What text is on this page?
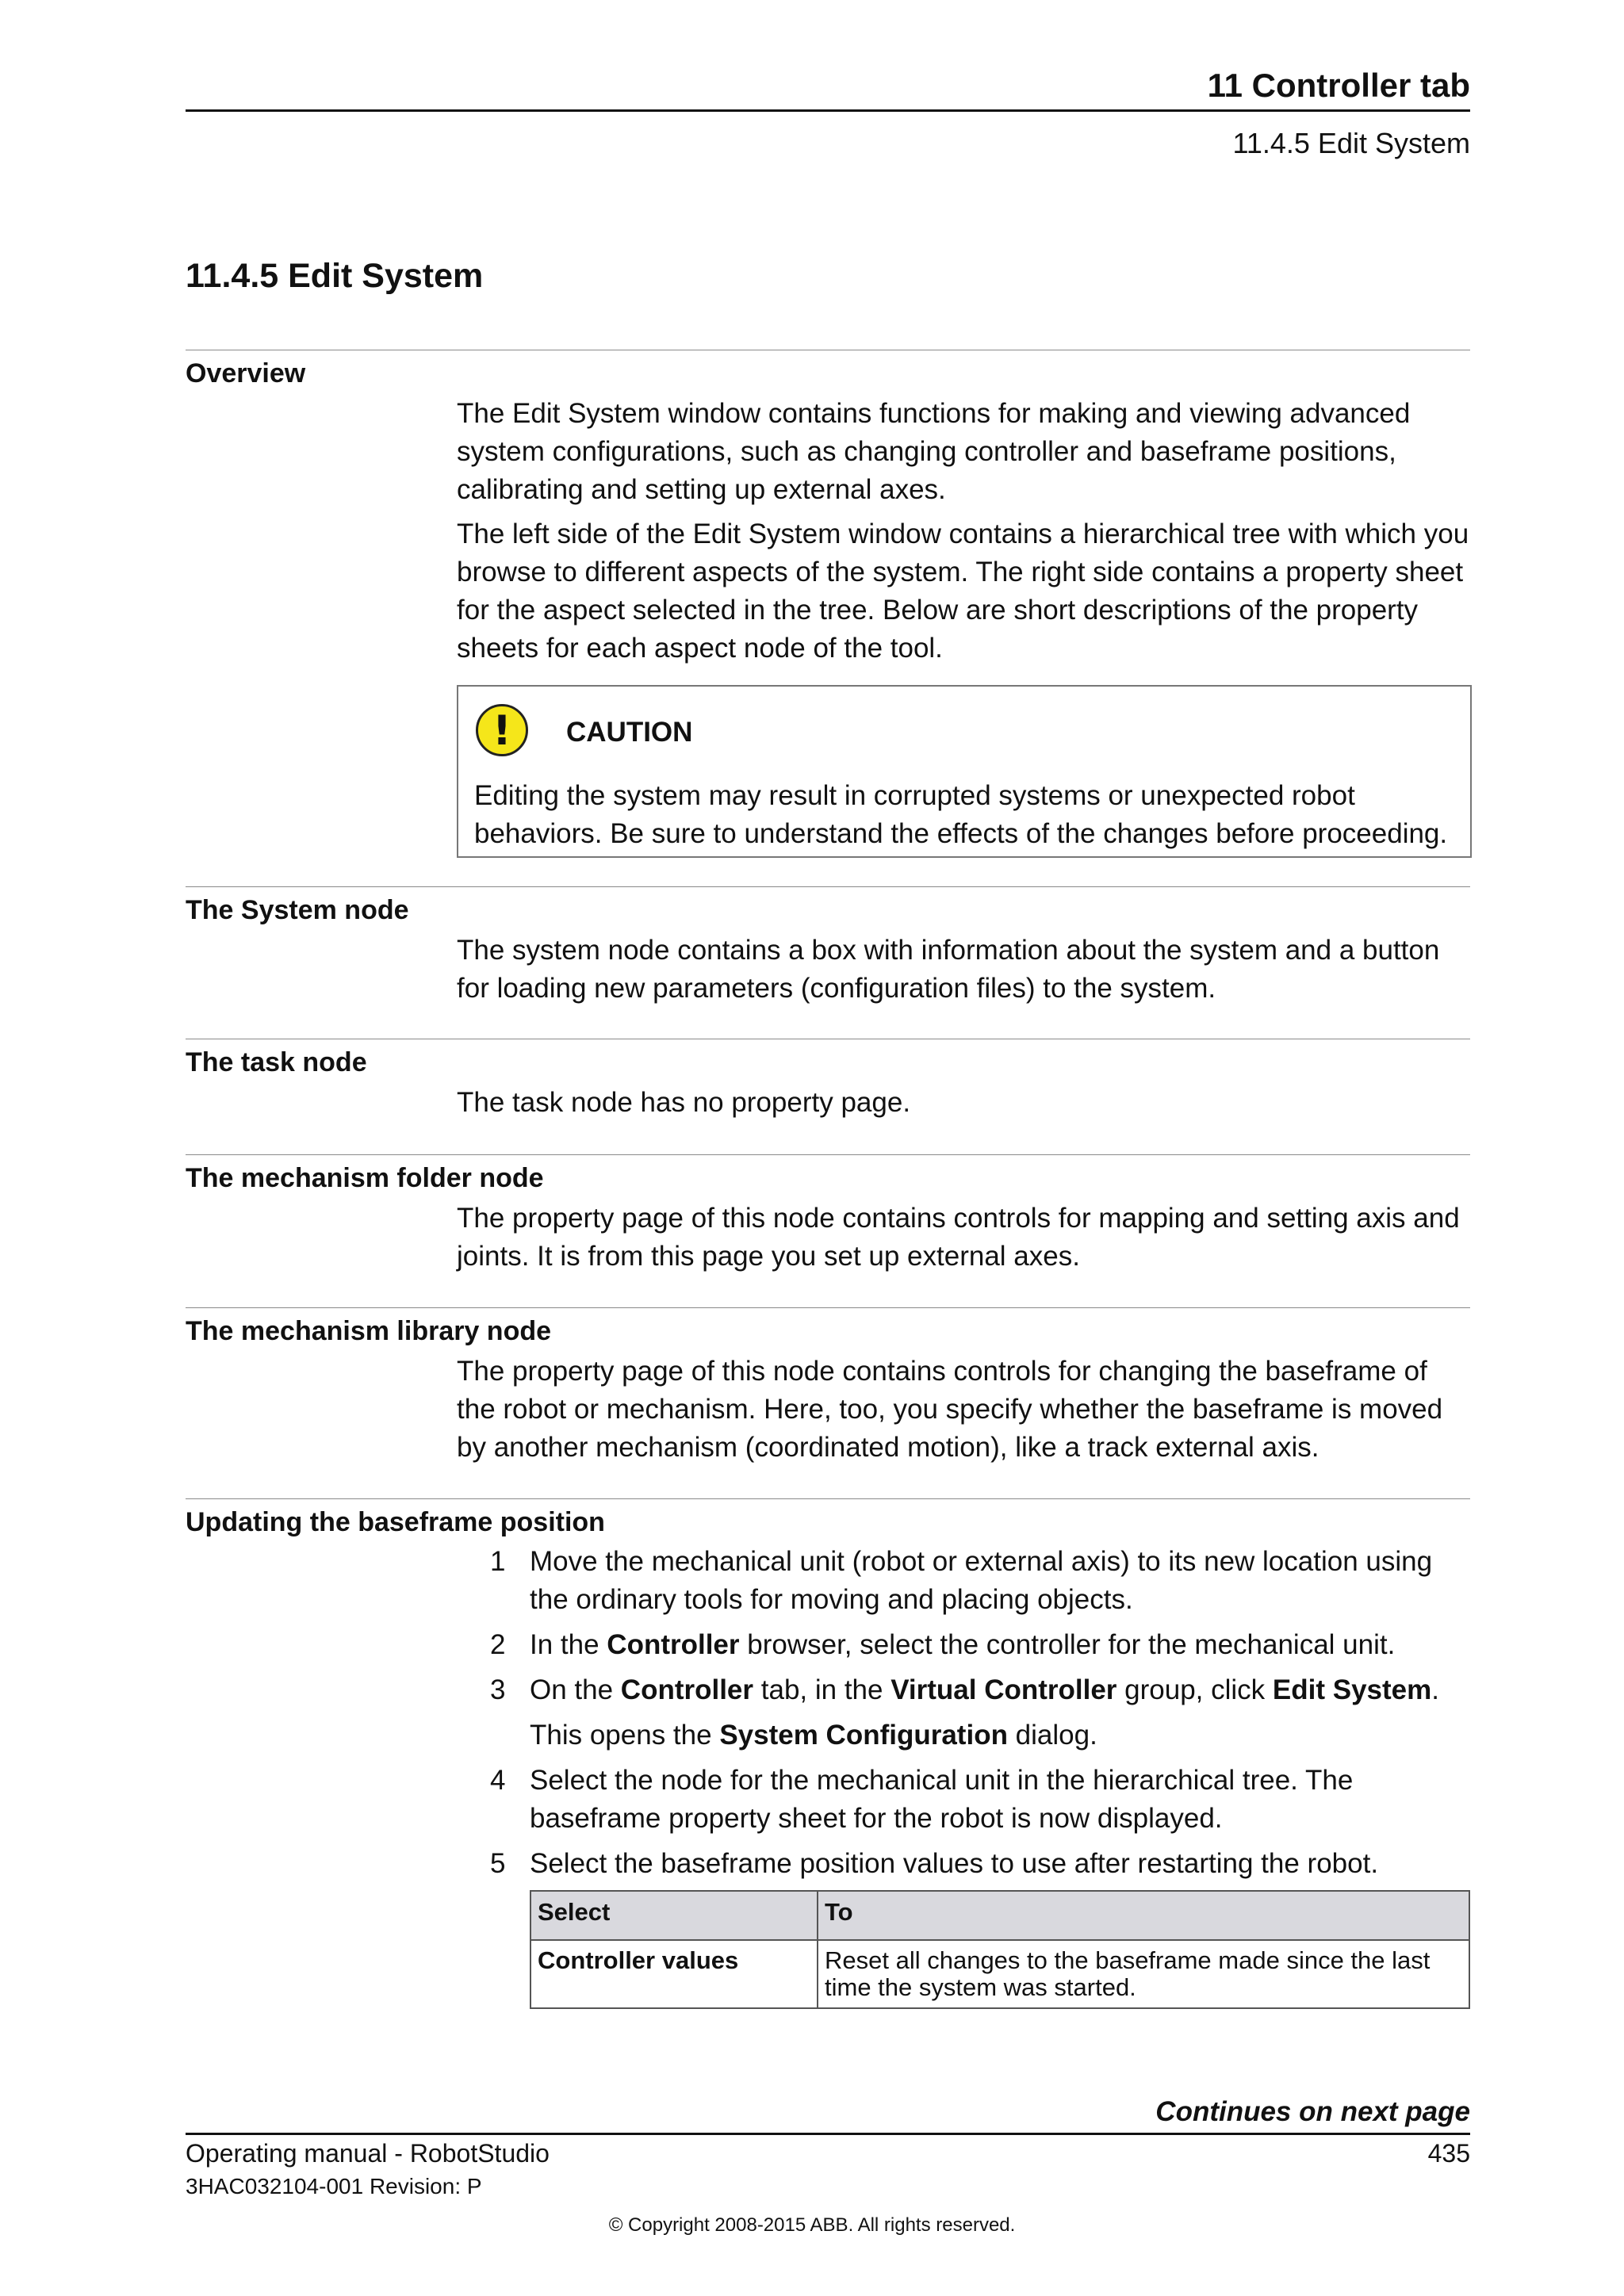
11 Controller tab
11.4.5 Edit System
11.4.5 Edit System
Overview
The Edit System window contains functions for making and viewing advanced system configurations, such as changing controller and baseframe positions, calibrating and setting up external axes.
The left side of the Edit System window contains a hierarchical tree with which you browse to different aspects of the system. The right side contains a property sheet for the aspect selected in the tree. Below are short descriptions of the property sheets for each aspect node of the tool.
!	CAUTION
Editing the system may result in corrupted systems or unexpected robot behaviors. Be sure to understand the effects of the changes before proceeding.
The System node
The system node contains a box with information about the system and a button for loading new parameters (configuration files) to the system.
The task node
The task node has no property page.
The mechanism folder node
The property page of this node contains controls for mapping and setting axis and joints. It is from this page you set up external axes.
The mechanism library node
The property page of this node contains controls for changing the baseframe of the robot or mechanism. Here, too, you specify whether the baseframe is moved by another mechanism (coordinated motion), like a track external axis.
Updating the baseframe position
1 Move the mechanical unit (robot or external axis) to its new location using the ordinary tools for moving and placing objects.
2 In the Controller browser, select the controller for the mechanical unit.
3 On the Controller tab, in the Virtual Controller group, click Edit System.
This opens the System Configuration dialog.
4 Select the node for the mechanical unit in the hierarchical tree. The baseframe property sheet for the robot is now displayed.
5 Select the baseframe position values to use after restarting the robot.
Select	To
Controller values	Reset all changes to the baseframe made since the last time the system was started.
Continues on next page
Operating manual - RobotStudio	435
3HAC032104-001 Revision: P
© Copyright 2008-2015 ABB. All rights reserved.
